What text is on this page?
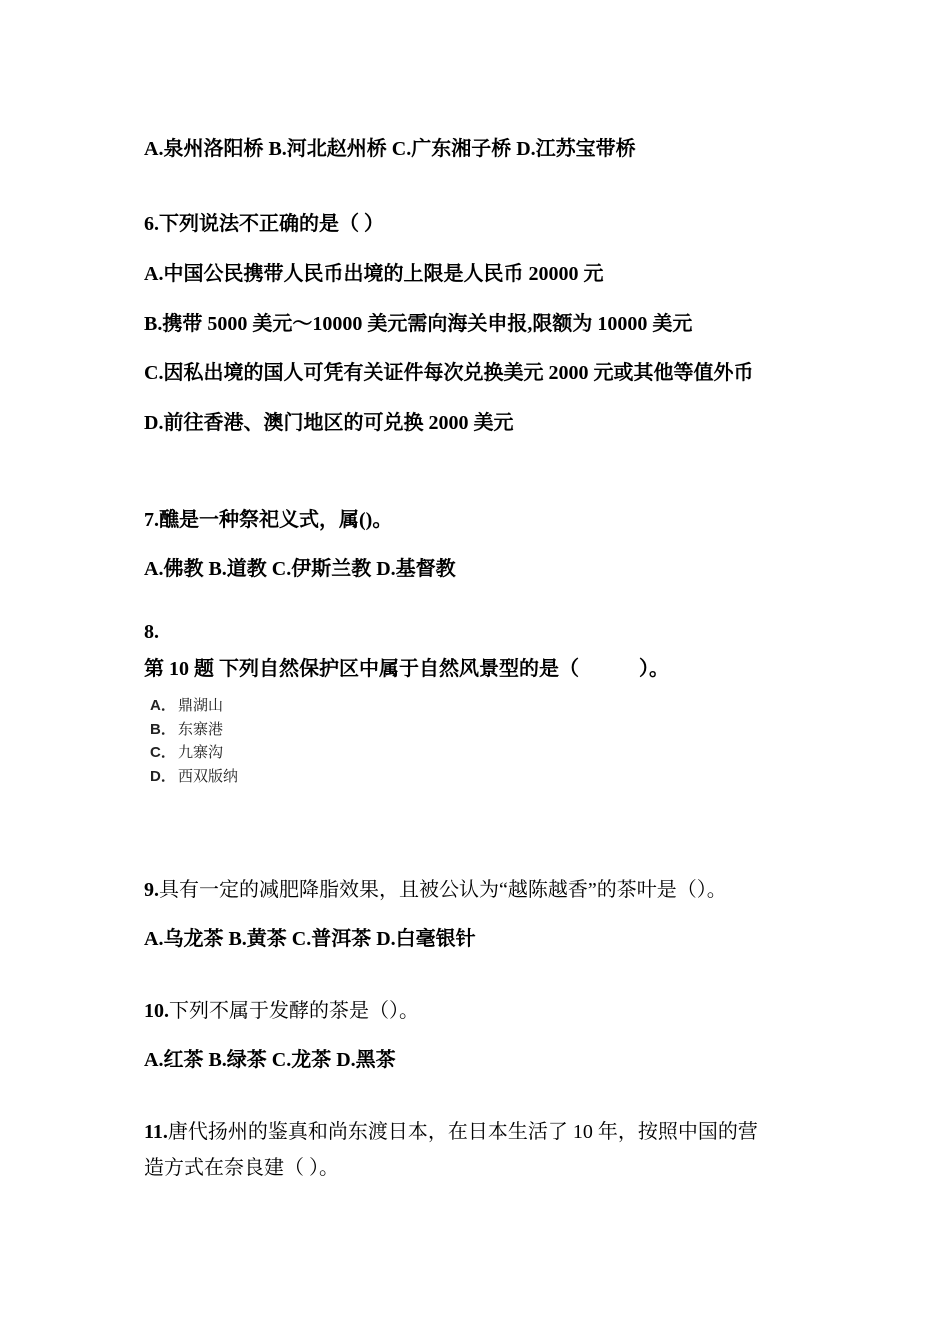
A.泉州洛阳桥 B.河北赵州桥 C.广东湘子桥 D.江苏宝带桥
6.下列说法不正确的是（ ）
A.中国公民携带人民币出境的上限是人民币 20000 元
B.携带 5000 美元～10000 美元需向海关申报,限额为 10000 美元
C.因私出境的国人可凭有关证件每次兑换美元 2000 元或其他等值外币
D.前往香港、澳门地区的可兑换 2000 美元
7.醮是一种祭祀义式，属()。
A.佛教 B.道教 C.伊斯兰教 D.基督教
8.
第 10 题 下列自然保护区中属于自然风景型的是（　　　）。
A． 鼎湖山
B． 东寨港
C． 九寨沟
D． 西双版纳
9.具有一定的减肥降脂效果，且被公认为“越陈越香”的茶叶是（）。
A.乌龙茶 B.黄茶 C.普洱茶 D.白毫银针
10.下列不属于发酵的茶是（）。
A.红茶 B.绿茶 C.龙茶 D.黑茶
11.唐代扬州的鉴真和尚东渡日本，在日本生活了 10 年，按照中国的营
造方式在奈良建（ ）。
